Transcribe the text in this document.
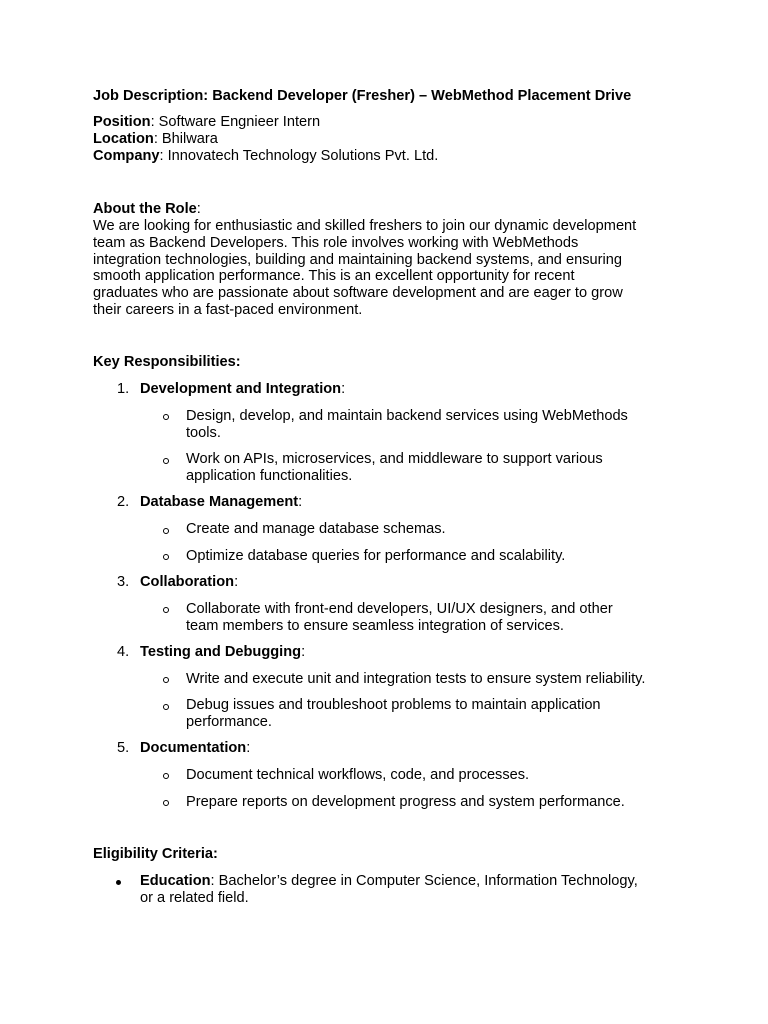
Job Description: Backend Developer (Fresher) – WebMethod Placement Drive
Position: Software Engnieer Intern
Location: Bhilwara
Company: Innovatech Technology Solutions Pvt. Ltd.
About the Role:
We are looking for enthusiastic and skilled freshers to join our dynamic development
team as Backend Developers. This role involves working with WebMethods
integration technologies, building and maintaining backend systems, and ensuring
smooth application performance. This is an excellent opportunity for recent
graduates who are passionate about software development and are eager to grow
their careers in a fast-paced environment.
Key Responsibilities:
1. Development and Integration:
Design, develop, and maintain backend services using WebMethods
tools.
Work on APIs, microservices, and middleware to support various
application functionalities.
2. Database Management:
Create and manage database schemas.
Optimize database queries for performance and scalability.
3. Collaboration:
Collaborate with front-end developers, UI/UX designers, and other
team members to ensure seamless integration of services.
4. Testing and Debugging:
Write and execute unit and integration tests to ensure system reliability.
Debug issues and troubleshoot problems to maintain application
performance.
5. Documentation:
Document technical workflows, code, and processes.
Prepare reports on development progress and system performance.
Eligibility Criteria:
Education: Bachelor’s degree in Computer Science, Information Technology,
or a related field.
